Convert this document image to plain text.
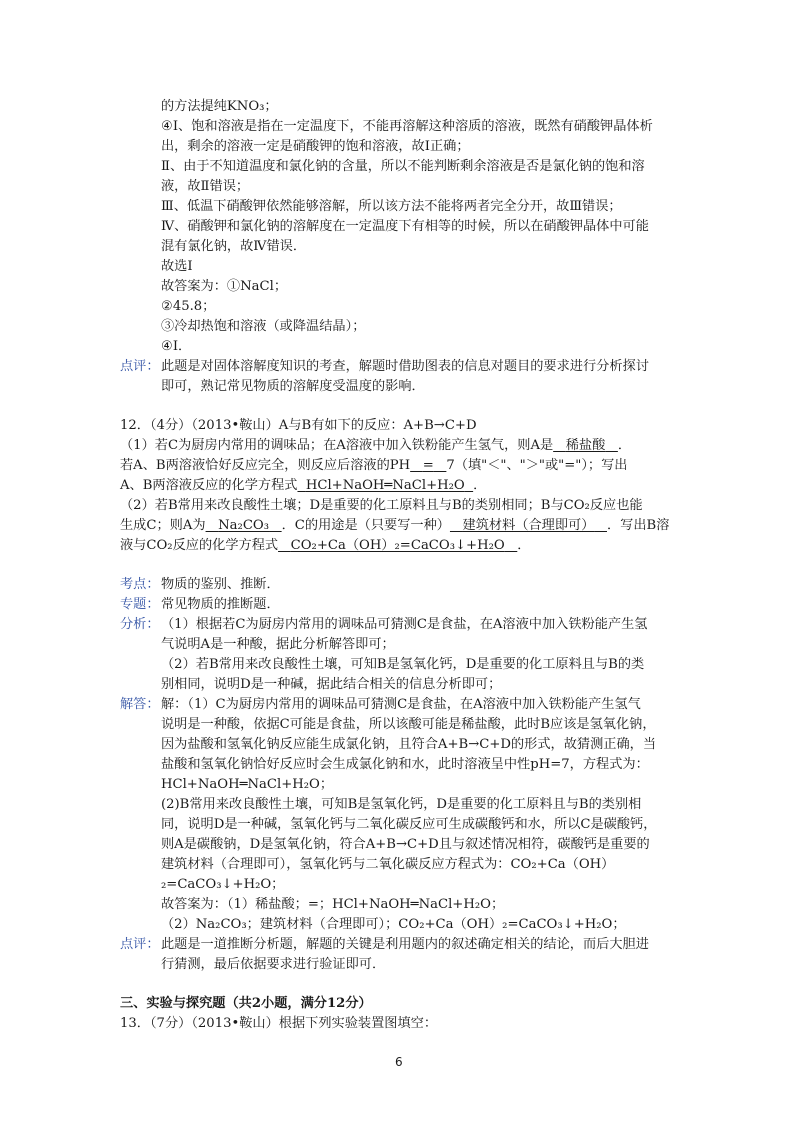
的方法提纯KNO₃；
④Ⅰ、饱和溶液是指在一定温度下，不能再溶解这种溶质的溶液，既然有硝酸钾晶体析
出，剩余的溶液一定是硝酸钾的饱和溶液，故Ⅰ正确；
Ⅱ、由于不知道温度和氯化钠的含量，所以不能判断剩余溶液是否是氯化钠的饱和溶
液，故Ⅱ错误；
Ⅲ、低温下硝酸钾依然能够溶解，所以该方法不能将两者完全分开，故Ⅲ错误；
Ⅳ、硝酸钾和氯化钠的溶解度在一定温度下有相等的时候，所以在硝酸钾晶体中可能
混有氯化钠，故Ⅳ错误．
故选Ⅰ
故答案为：①NaCl；
②45.8；
③冷却热饱和溶液（或降温结晶）；
④Ⅰ．
点评： 此题是对固体溶解度知识的考查，解题时借助图表的信息对题目的要求进行分析探讨
即可，熟记常见物质的溶解度受温度的影响．
12．（4分）（2013•鞍山）A与B有如下的反应：A+B→C+D
（1）若C为厨房内常用的调味品；在A溶液中加入铁粉能产生氢气，则A是 稀盐酸 ．
若A、B两溶液恰好反应完全，则反应后溶液的PH = 7（填"＜"、"＞"或"="）；写出
A、B两溶液反应的化学方程式 HCl+NaOH═NaCl+H₂O ．
（2）若B常用来改良酸性土壤；D是重要的化工原料且与B的类别相同；B与CO₂反应也能
生成C；则A为 Na₂CO₃ ．C的用途是（只要写一种） 建筑材料（合理即可） ．写出B溶
液与CO₂反应的化学方程式 CO₂+Ca（OH）₂=CaCO₃↓+H₂O ．
考点： 物质的鉴别、推断．
专题： 常见物质的推断题．
分析： （1）根据若C为厨房内常用的调味品可猜测C是食盐，在A溶液中加入铁粉能产生氢
气说明A是一种酸，据此分析解答即可；
（2）若B常用来改良酸性土壤，可知B是氢氧化钙，D是重要的化工原料且与B的类
别相同，说明D是一种碱，据此结合相关的信息分析即可；
解答： 解：（1）C为厨房内常用的调味品可猜测C是食盐，在A溶液中加入铁粉能产生氢气
说明是一种酸，依据C可能是食盐，所以该酸可能是稀盐酸，此时B应该是氢氧化钠，
因为盐酸和氢氧化钠反应能生成氯化钠，且符合A+B→C+D的形式，故猜测正确，当
盐酸和氢氧化钠恰好反应时会生成氯化钠和水，此时溶液呈中性pH=7，方程式为：
HCl+NaOH═NaCl+H₂O；
(2)B常用来改良酸性土壤，可知B是氢氧化钙，D是重要的化工原料且与B的类别相
同，说明D是一种碱，氢氧化钙与二氧化碳反应可生成碳酸钙和水，所以C是碳酸钙，
则A是碳酸钠，D是氢氧化钠，符合A+B→C+D且与叙述情况相符，碳酸钙是重要的
建筑材料（合理即可），氢氧化钙与二氧化碳反应方程式为：CO₂+Ca（OH）
₂=CaCO₃↓+H₂O；
故答案为：（1）稀盐酸；=；HCl+NaOH═NaCl+H₂O；
（2）Na₂CO₃；建筑材料（合理即可）；CO₂+Ca（OH）₂=CaCO₃↓+H₂O；
点评： 此题是一道推断分析题，解题的关键是利用题内的叙述确定相关的结论，而后大胆进
行猜测，最后依据要求进行验证即可．
三、实验与探究题（共2小题，满分12分）
13．（7分）（2013•鞍山）根据下列实验装置图填空：
6
